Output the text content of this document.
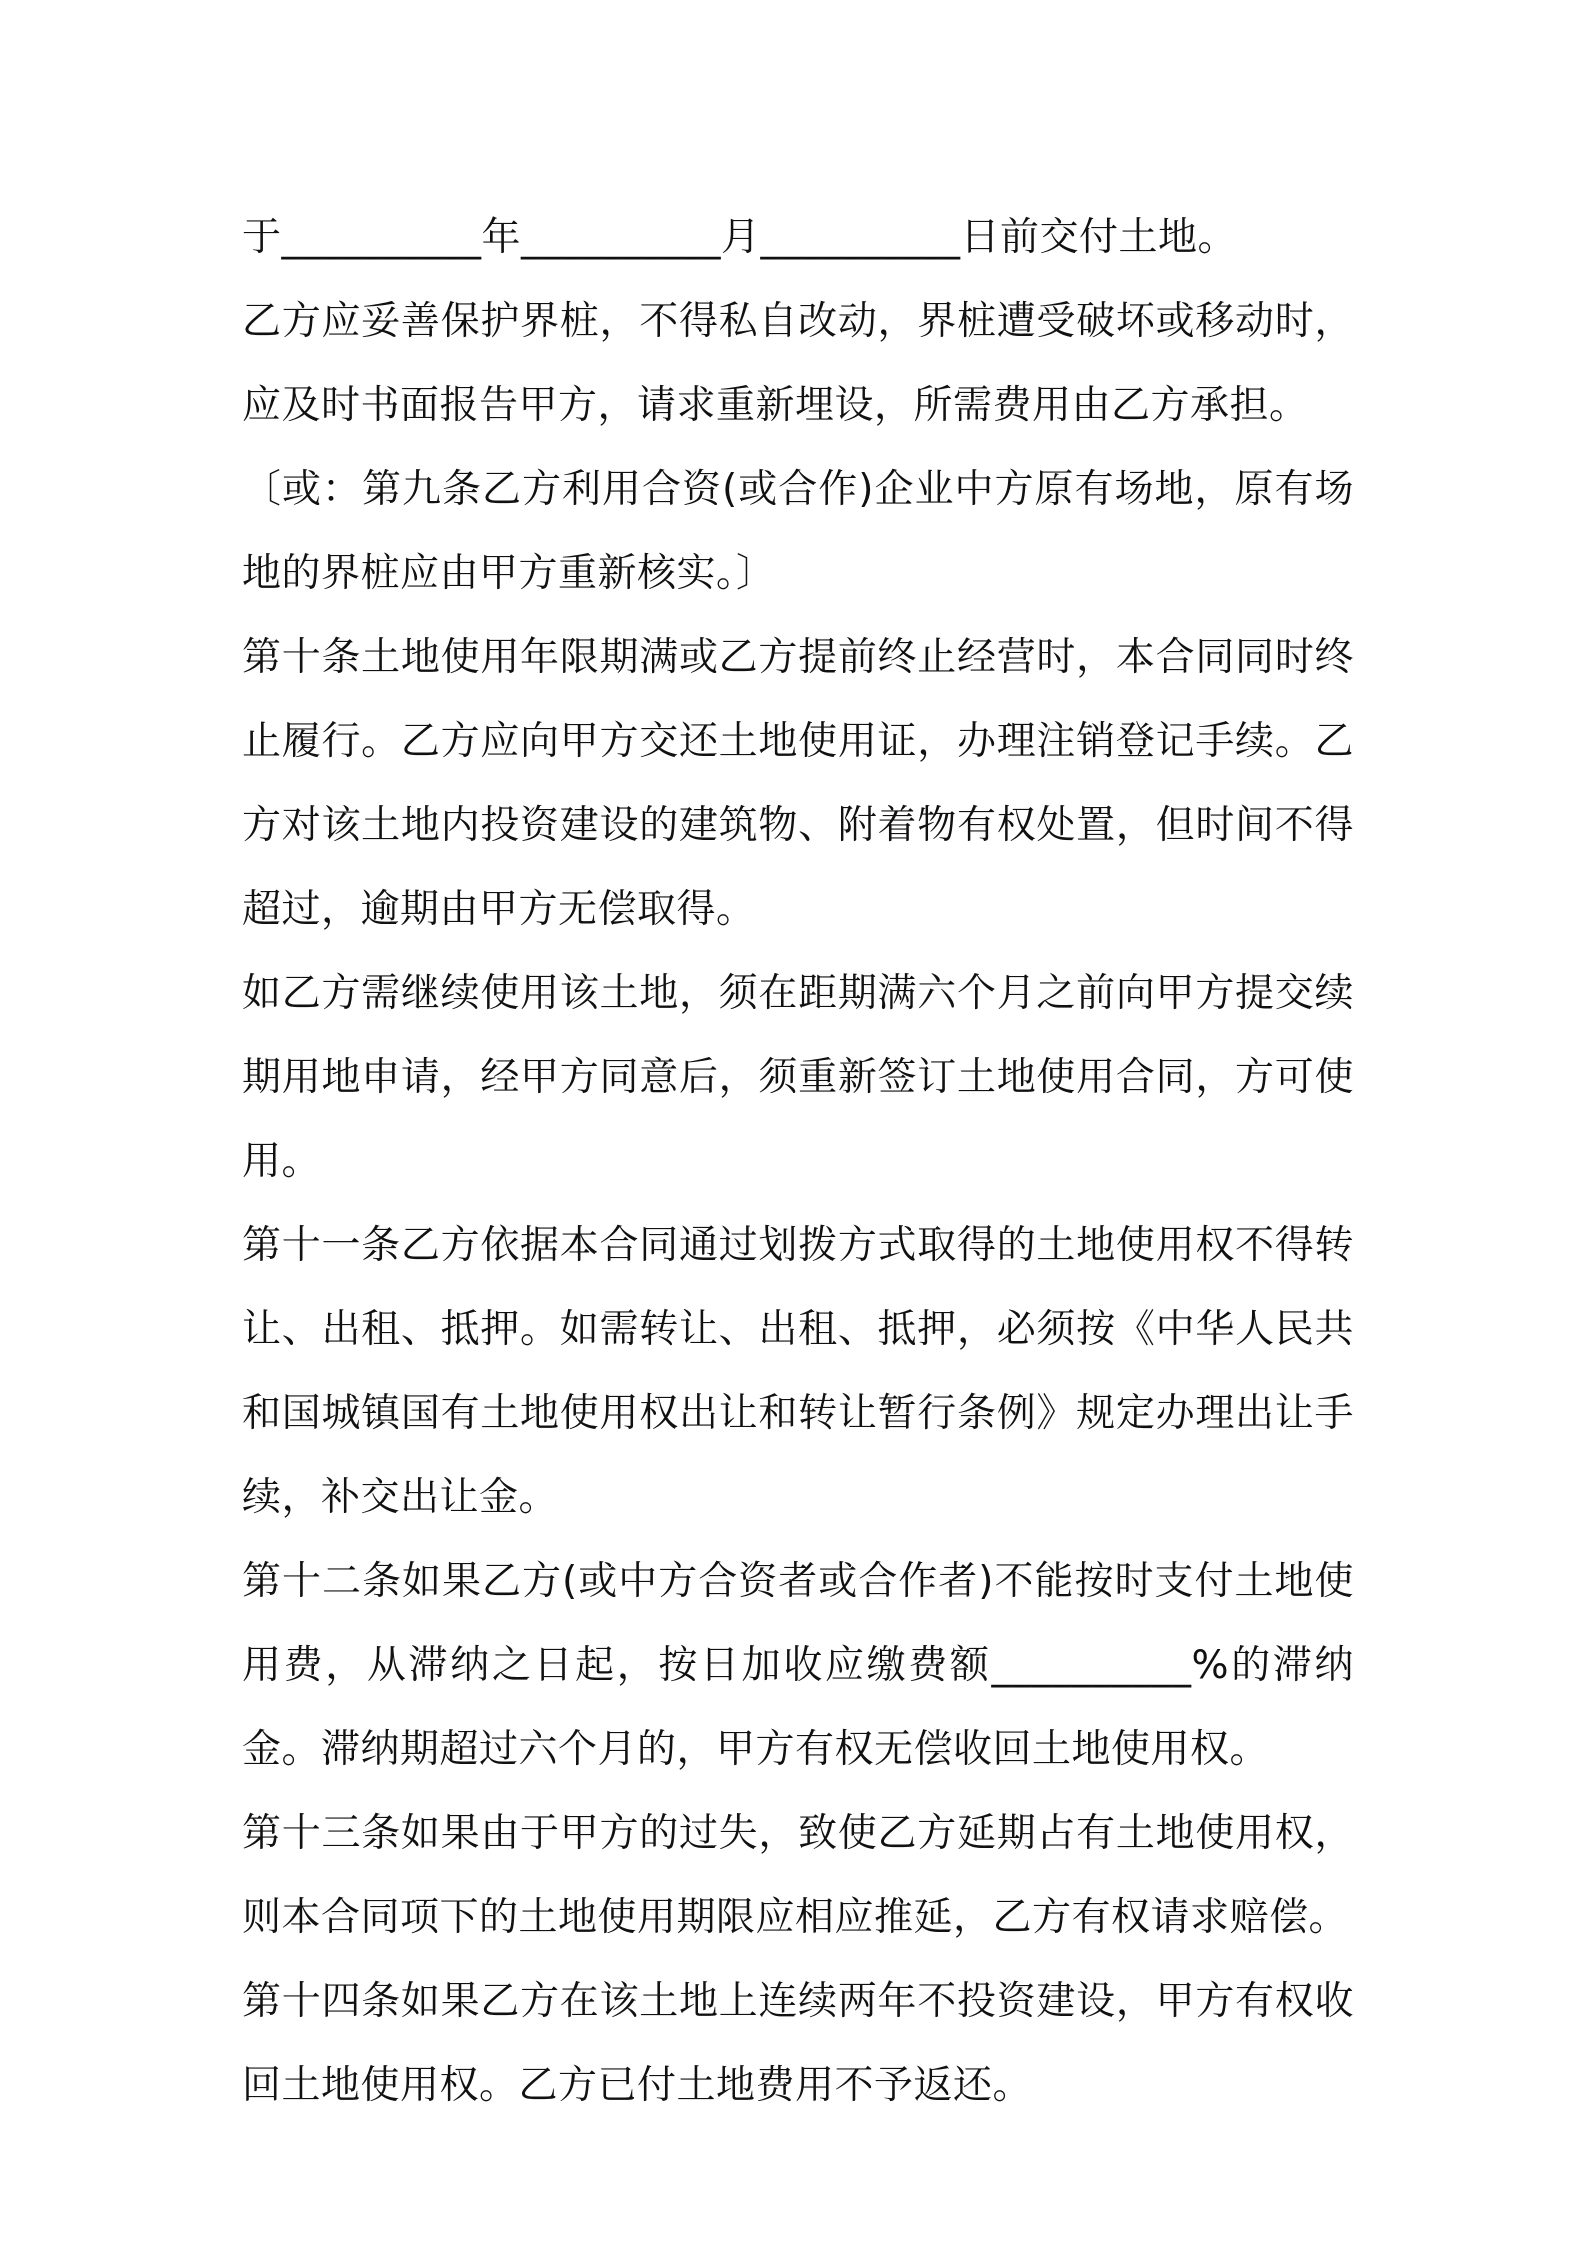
于__________年__________月__________日前交付土地。

乙方应妥善保护界桩，不得私自改动，界桩遭受破坏或移动时，应及时书面报告甲方，请求重新埋设，所需费用由乙方承担。

〔或：第九条乙方利用合资(或合作)企业中方原有场地，原有场地的界桩应由甲方重新核实。〕

第十条土地使用年限期满或乙方提前终止经营时，本合同同时终止履行。乙方应向甲方交还土地使用证，办理注销登记手续。乙方对该土地内投资建设的建筑物、附着物有权处置，但时间不得超过，逾期由甲方无偿取得。

如乙方需继续使用该土地，须在距期满六个月之前向甲方提交续期用地申请，经甲方同意后，须重新签订土地使用合同，方可使用。

第十一条乙方依据本合同通过划拨方式取得的土地使用权不得转让、出租、抵押。如需转让、出租、抵押，必须按《中华人民共和国城镇国有土地使用权出让和转让暂行条例》规定办理出让手续，补交出让金。

第十二条如果乙方(或中方合资者或合作者)不能按时支付土地使用费，从滞纳之日起，按日加收应缴费额__________%的滞纳金。滞纳期超过六个月的，甲方有权无偿收回土地使用权。

第十三条如果由于甲方的过失，致使乙方延期占有土地使用权，则本合同项下的土地使用期限应相应推延，乙方有权请求赔偿。

第十四条如果乙方在该土地上连续两年不投资建设，甲方有权收回土地使用权。乙方已付土地费用不予返还。
